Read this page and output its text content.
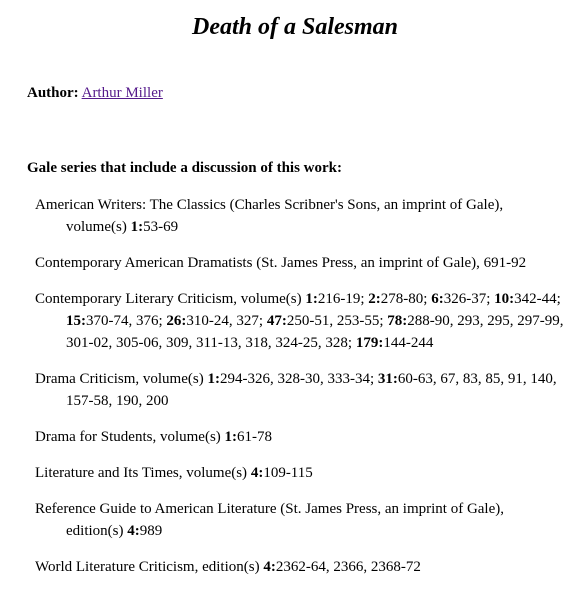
Death of a Salesman
Author: Arthur Miller
Gale series that include a discussion of this work:
American Writers: The Classics (Charles Scribner's Sons, an imprint of Gale), volume(s) 1:53-69
Contemporary American Dramatists (St. James Press, an imprint of Gale), 691-92
Contemporary Literary Criticism, volume(s) 1:216-19; 2:278-80; 6:326-37; 10:342-44; 15:370-74, 376; 26:310-24, 327; 47:250-51, 253-55; 78:288-90, 293, 295, 297-99, 301-02, 305-06, 309, 311-13, 318, 324-25, 328; 179:144-244
Drama Criticism, volume(s) 1:294-326, 328-30, 333-34; 31:60-63, 67, 83, 85, 91, 140, 157-58, 190, 200
Drama for Students, volume(s) 1:61-78
Literature and Its Times, volume(s) 4:109-115
Reference Guide to American Literature (St. James Press, an imprint of Gale), edition(s) 4:989
World Literature Criticism, edition(s) 4:2362-64, 2366, 2368-72
